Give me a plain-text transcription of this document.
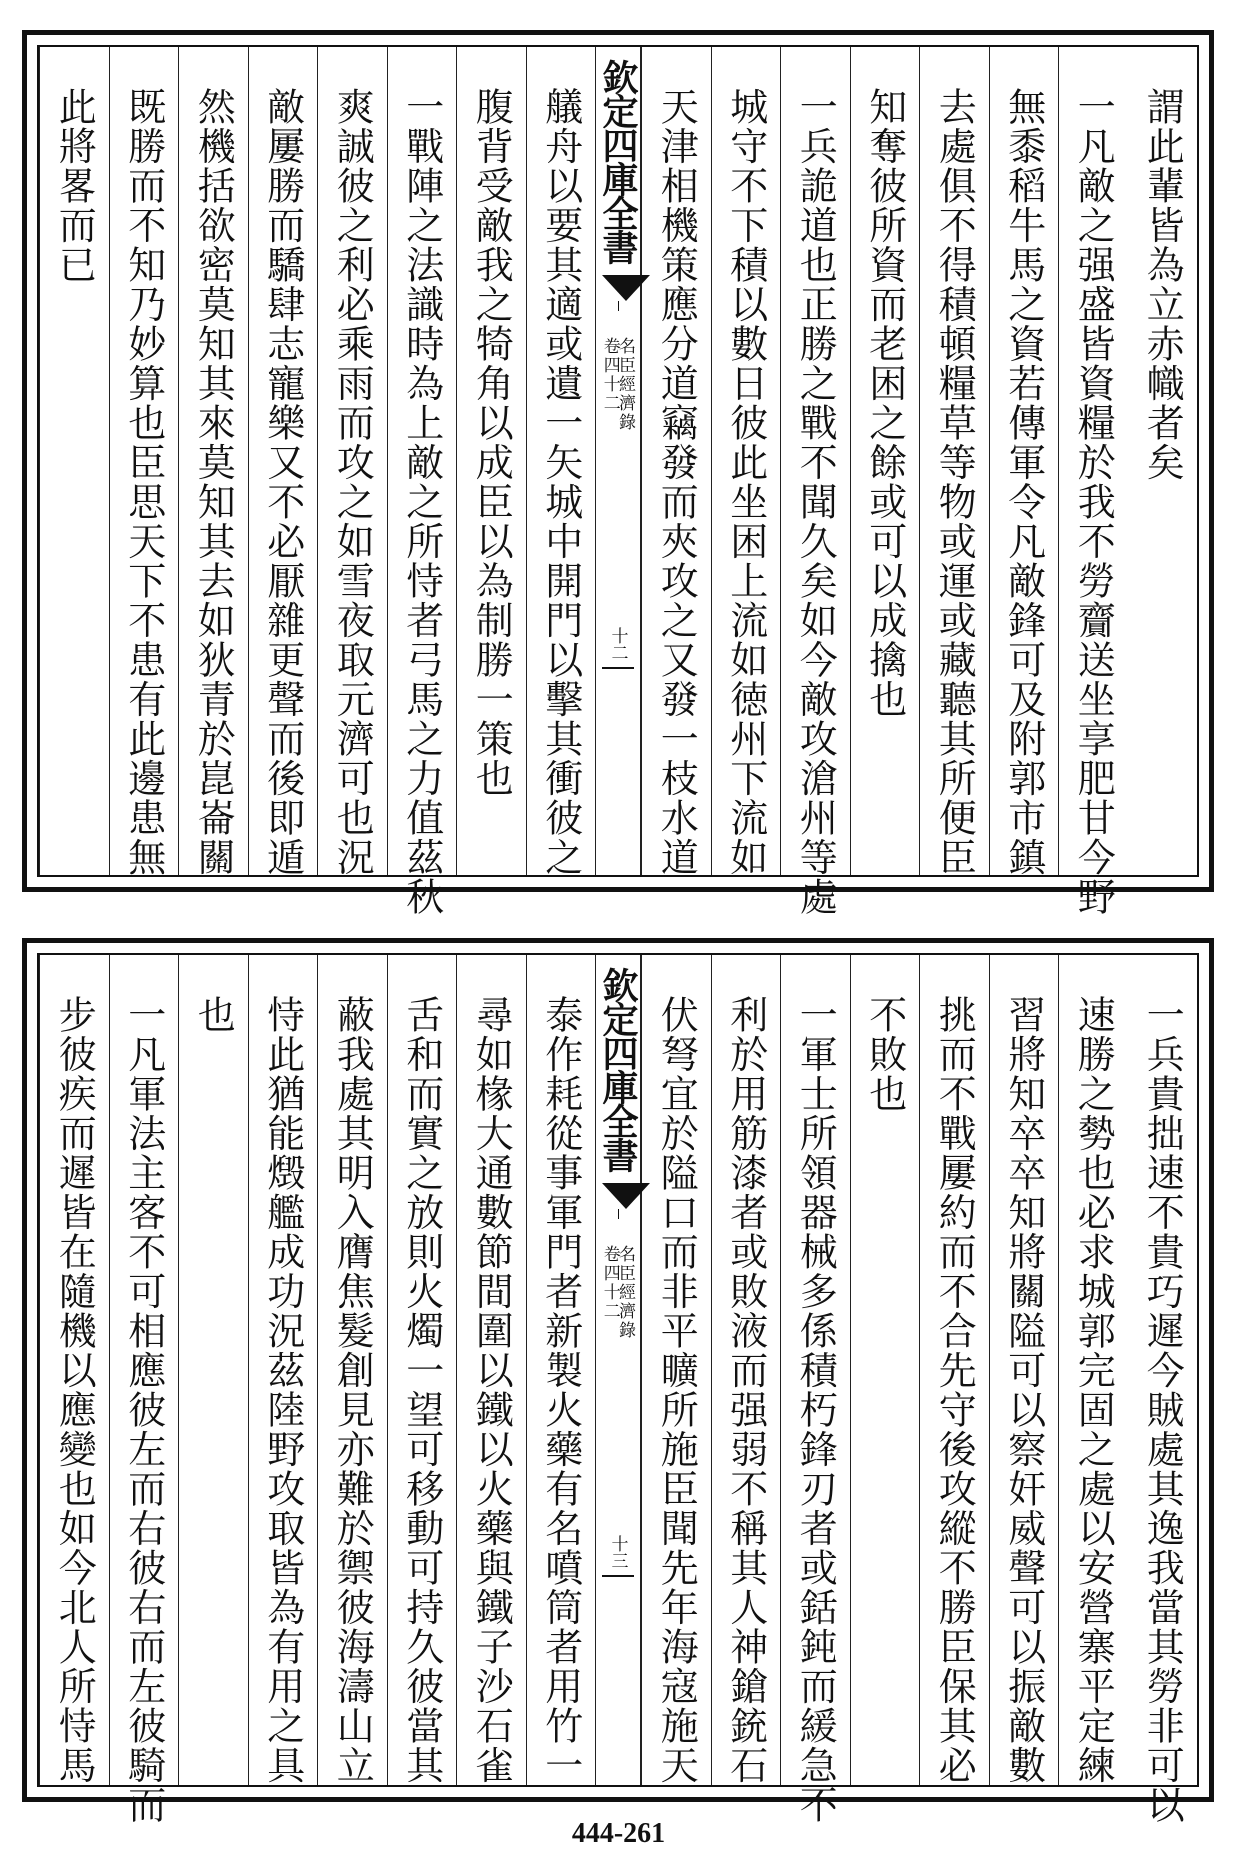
謂此輩皆為立赤幟者矣
一凡敵之强盛皆資糧於我不勞齎送坐享肥甘今野
無黍稻牛馬之資若傳軍令凡敵鋒可及附郭市鎮
去處俱不得積頓糧草等物或運或藏聽其所便臣
知奪彼所資而老困之餘或可以成擒也
一兵詭道也正勝之戰不聞久矣如今敵攻滄州等處
城守不下積以數日彼此坐困上流如徳州下流如
天津相機策應分道竊發而夾攻之又發一枝水道
欽定四庫全書
名臣經濟錄
卷四十二
十二
艤舟以要其適或遺一矢城中開門以擊其衝彼之
腹背受敵我之犄角以成臣以為制勝一策也
一戰陣之法識時為上敵之所恃者弓馬之力值茲秋
爽誠彼之利必乘雨而攻之如雪夜取元濟可也況
敵屢勝而驕肆志寵樂又不必厭雜更聲而後即遁
然機括欲密莫知其來莫知其去如狄青於崑崙關
既勝而不知乃妙算也臣思天下不患有此邊患無
此將畧而已
一兵貴拙速不貴巧遲今賊處其逸我當其勞非可以
速勝之勢也必求城郭完固之處以安營寨平定練
習將知卒卒知將關隘可以察奸威聲可以振敵數
挑而不戰屢約而不合先守後攻縱不勝臣保其必
不敗也
一軍士所領器械多係積朽鋒刃者或銛鈍而緩急不
利於用筋漆者或敗液而强弱不稱其人神鎗銃石
伏弩宜於隘口而非平曠所施臣聞先年海寇施天
欽定四庫全書
名臣經濟錄
卷四十二
十三
泰作耗從事軍門者新製火藥有名噴筒者用竹一
尋如椽大通數節間圍以鐵以火藥與鐵子沙石雀
舌和而實之放則火燭一望可移動可持久彼當其
蔽我處其明入膺焦髮創見亦難於禦彼海濤山立
恃此猶能燬艦成功況茲陸野攻取皆為有用之具
也
一凡軍法主客不可相應彼左而右彼右而左彼騎而
步彼疾而遲皆在隨機以應變也如今北人所恃馬
444-261
